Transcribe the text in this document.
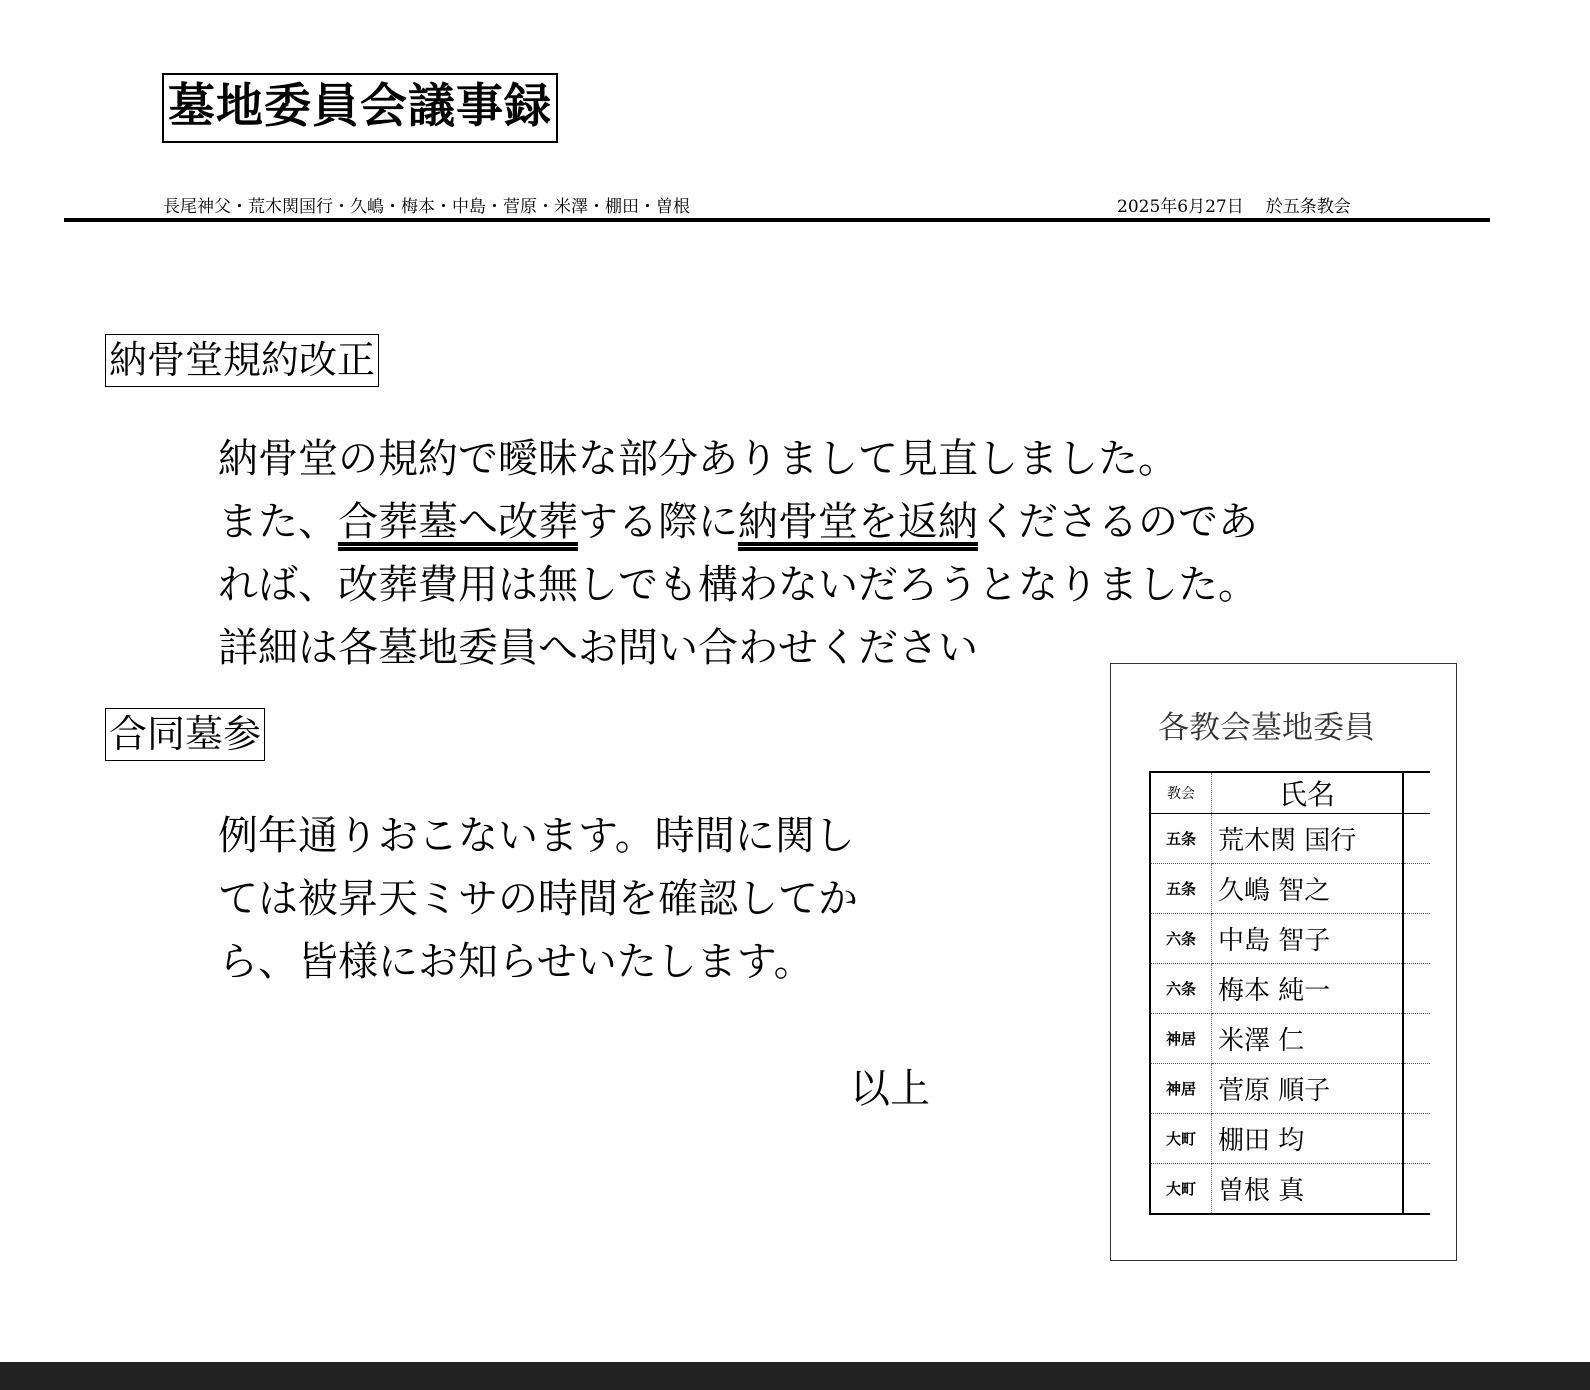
墓地委員会議事録
長尾神父・荒木関国行・久嶋・梅本・中島・菅原・米澤・棚田・曽根	2025年6月27日 於五条教会
納骨堂規約改正
納骨堂の規約で曖昧な部分ありまして見直しました。
また、合葬墓へ改葬する際に納骨堂を返納くださるのであ
れば、改葬費用は無しでも構わないだろうとなりました。
詳細は各墓地委員へお問い合わせください
合同墓参
例年通りおこないます。時間に関し
ては被昇天ミサの時間を確認してか
ら、皆様にお知らせいたします。
以上
各教会墓地委員
教会	氏名	
五条	荒木関 国行	
五条	久嶋 智之	
六条	中島 智子	
六条	梅本 純一	
神居	米澤 仁	
神居	菅原 順子	
大町	棚田 均	
大町	曽根 真	
